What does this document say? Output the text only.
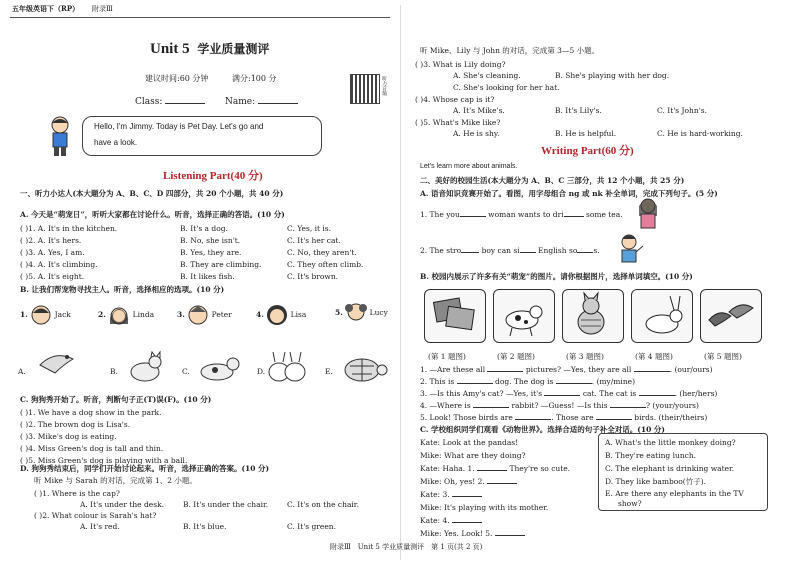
五年级英语下（RP） 附录Ⅲ
Unit 5 学业质量测评
建议时间:60 分钟	满分:100 分	听力音频
Class:	Name:
Hello, I'm Jimmy. Today is Pet Day. Let's go and
have a look.
Listening Part(40 分)
一、听力小达人(本大题分为 A、B、C、D 四部分，共 20 个小题，共 40 分)
A. 今天是“萌宠日”，听听大家都在讨论什么。听音，选择正确的答语。(10 分)
( )1. A. It's in the kitchen.	B. It's a dog.	C. Yes, it is.
( )2. A. It's hers.	B. No, she isn't.	C. It's her cat.
( )3. A. Yes, I am.	B. Yes, they are.	C. No, they aren't.
( )4. A. It's climbing.	B. They are climbing.	C. They often climb.
( )5. A. It's eight.	B. It likes fish.	C. It's brown.
B. 让我们帮宠物寻找主人。听音，选择相应的选项。(10 分)
1.	Jack	2.	Linda	3.	Peter	4.	Lisa	5.	Lucy
A.	B.	C.	D.	E.
C. 狗狗秀开始了。听音，判断句子正(T)误(F)。(10 分)
( )1. We have a dog show in the park.
( )2. The brown dog is Lisa's.
( )3. Mike's dog is eating.
( )4. Miss Green's dog is tall and thin.
( )5. Miss Green's dog is playing with a ball.
D. 狗狗秀结束后，同学们开始讨论起来。听音，选择正确的答案。(10 分)
听 Mike 与 Sarah 的对话，完成第 1、2 小题。
( )1. Where is the cap?
A. It's under the desk.	B. It's under the chair.	C. It's on the chair.
( )2. What colour is Sarah's hat?
A. It's red.	B. It's blue.	C. It's green.
听 Mike、Lily 与 John 的对话，完成第 3—5 小题。
( )3. What is Lily doing?
A. She's cleaning.	B. She's playing with her dog.
C. She's looking for her hat.
( )4. Whose cap is it?
A. It's Mike's.	B. It's Lily's.	C. It's John's.
( )5. What's Mike like?
A. He is shy.	B. He is helpful.	C. He is hard-working.
Writing Part(60 分)
Let's learn more about animals.
二、美好的校园生活(本大题分为 A、B、C 三部分，共 12 个小题，共 25 分)
A. 语音知识竞赛开始了。看图，用字母组合 ng 或 nk 补全单词，完成下列句子。(5 分)
1. The you	woman wants to dri	some tea.
2. The stro	boy can si English so s.
B. 校园内展示了许多有关“萌宠”的图片。请你根据图片，选择单词填空。(10 分)
(第 1 题图)	(第 2 题图)	(第 3 题图)	(第 4 题图)	(第 5 题图)
1. —Are these all	pictures? —Yes, they are all	. (our/ours)
2. This is	dog. The dog is	. (my/mine)
3. —Is this Amy's cat? —Yes, it's	cat. The cat is	. (her/hers)
4. —Where is	rabbit? —Guess! —Is this	? (your/yours)
5. Look! Those birds are	. Those are	birds. (their/theirs)
C. 学校组织同学们观看《动物世界》。选择合适的句子补全对话。(10 分)
Kate: Look at the pandas!
Mike: What are they doing?
Kate: Haha. 1.	They're so cute.
Mike: Oh, yes! 2.
Kate: 3.
Mike: It's playing with its mother.
Kate: 4.
Mike: Yes. Look! 5.
A. What's the little monkey doing?
B. They're eating lunch.
C. The elephant is drinking water.
D. They like bamboo(竹子).
E. Are there any elephants in the TV
show?
附录Ⅲ　Unit 5 学业质量测评　第 1 页(共 2 页)
